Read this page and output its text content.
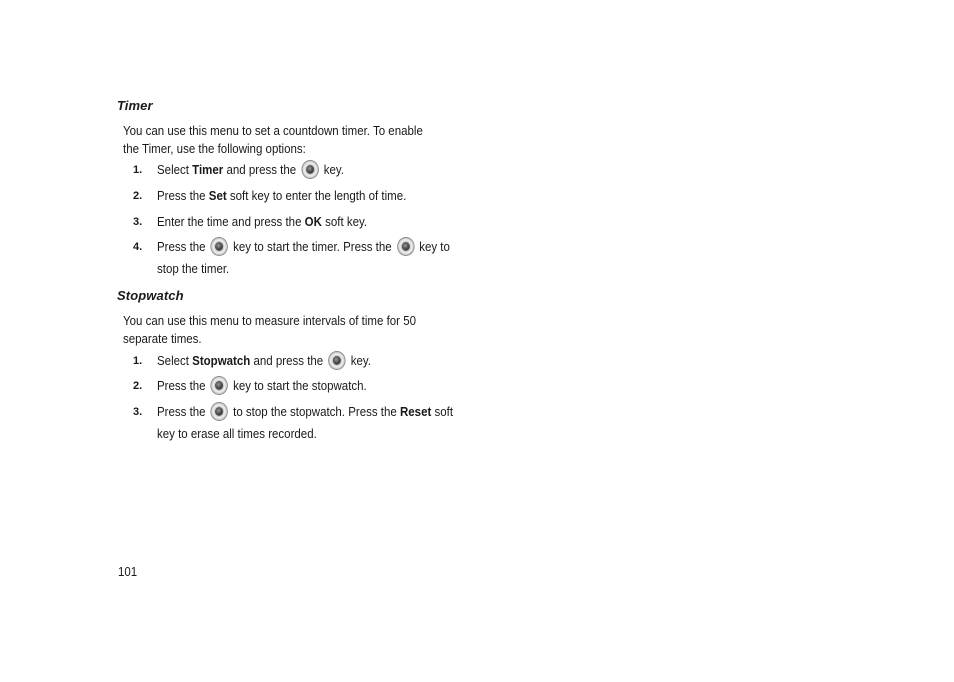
Timer

You can use this menu to set a countdown timer. To enable the Timer, use the following options:

1. Select Timer and press the  key.
2. Press the Set soft key to enter the length of time.
3. Enter the time and press the OK soft key.
4. Press the  key to start the timer. Press the  key to stop the timer.
Stopwatch

You can use this menu to measure intervals of time for 50 separate times.

1. Select Stopwatch and press the  key.
2. Press the  key to start the stopwatch.
3. Press the  to stop the stopwatch. Press the Reset soft key to erase all times recorded.

101
